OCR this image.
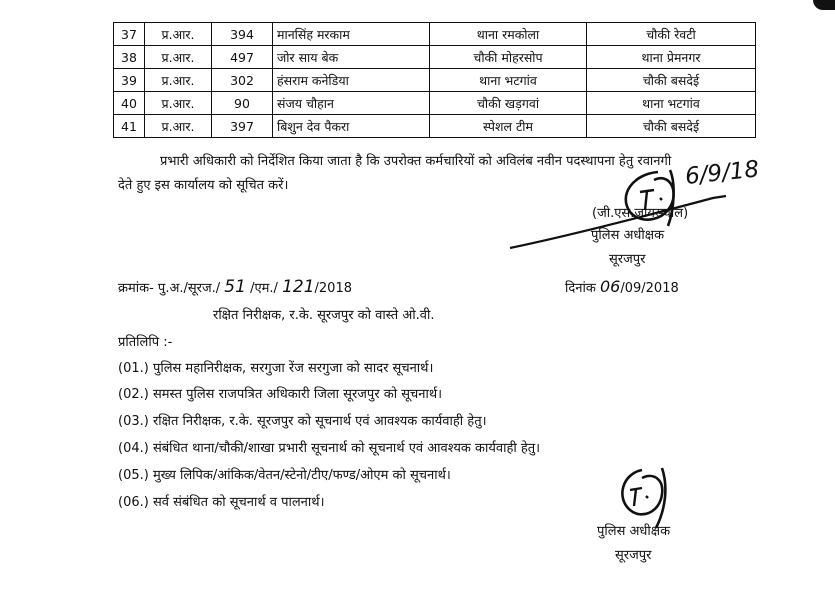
37	प्र.आर.	394	मानसिंह मरकाम	थाना रमकोला	चौकी रेवटी
38	प्र.आर.	497	जोर साय बेक	चौकी मोहरसोप	थाना प्रेमनगर
39	प्र.आर.	302	हंसराम कनेडिया	थाना भटगांव	चौकी बसदेई
40	प्र.आर.	90	संजय चौहान	चौकी खड़गवां	थाना भटगांव
41	प्र.आर.	397	बिशुन देव पैकरा	स्पेशल टीम	चौकी बसदेई
प्रभारी अधिकारी को निर्देशित किया जाता है कि उपरोक्त कर्मचारियों को अविलंब नवीन पदस्थापना हेतु रवानगी
देते हुए इस कार्यालय को सूचित करें।	6/9/18
(जी.एस.जायसवाल)
पुलिस अधीक्षक
सूरजपुर
क्रमांक- पु.अ./सूरज./ 51 /एम./ 121/2018	दिनांक 06/09/2018
रक्षित निरीक्षक, र.के. सूरजपुर को वास्ते ओ.वी.
प्रतिलिपि :-
(01.) पुलिस महानिरीक्षक, सरगुजा रेंज सरगुजा को सादर सूचनार्थ।
(02.) समस्त पुलिस राजपत्रित अधिकारी जिला सूरजपुर को सूचनार्थ।
(03.) रक्षित निरीक्षक, र.के. सूरजपुर को सूचनार्थ एवं आवश्यक कार्यवाही हेतु।
(04.) संबंधित थाना/चौकी/शाखा प्रभारी सूचनार्थ को सूचनार्थ एवं आवश्यक कार्यवाही हेतु।
(05.) मुख्य लिपिक/आंकिक/वेतन/स्टेनो/टीए/फण्ड/ओएम को सूचनार्थ।
(06.) सर्व संबंधित को सूचनार्थ व पालनार्थ।
पुलिस अधीक्षक
सूरजपुर
